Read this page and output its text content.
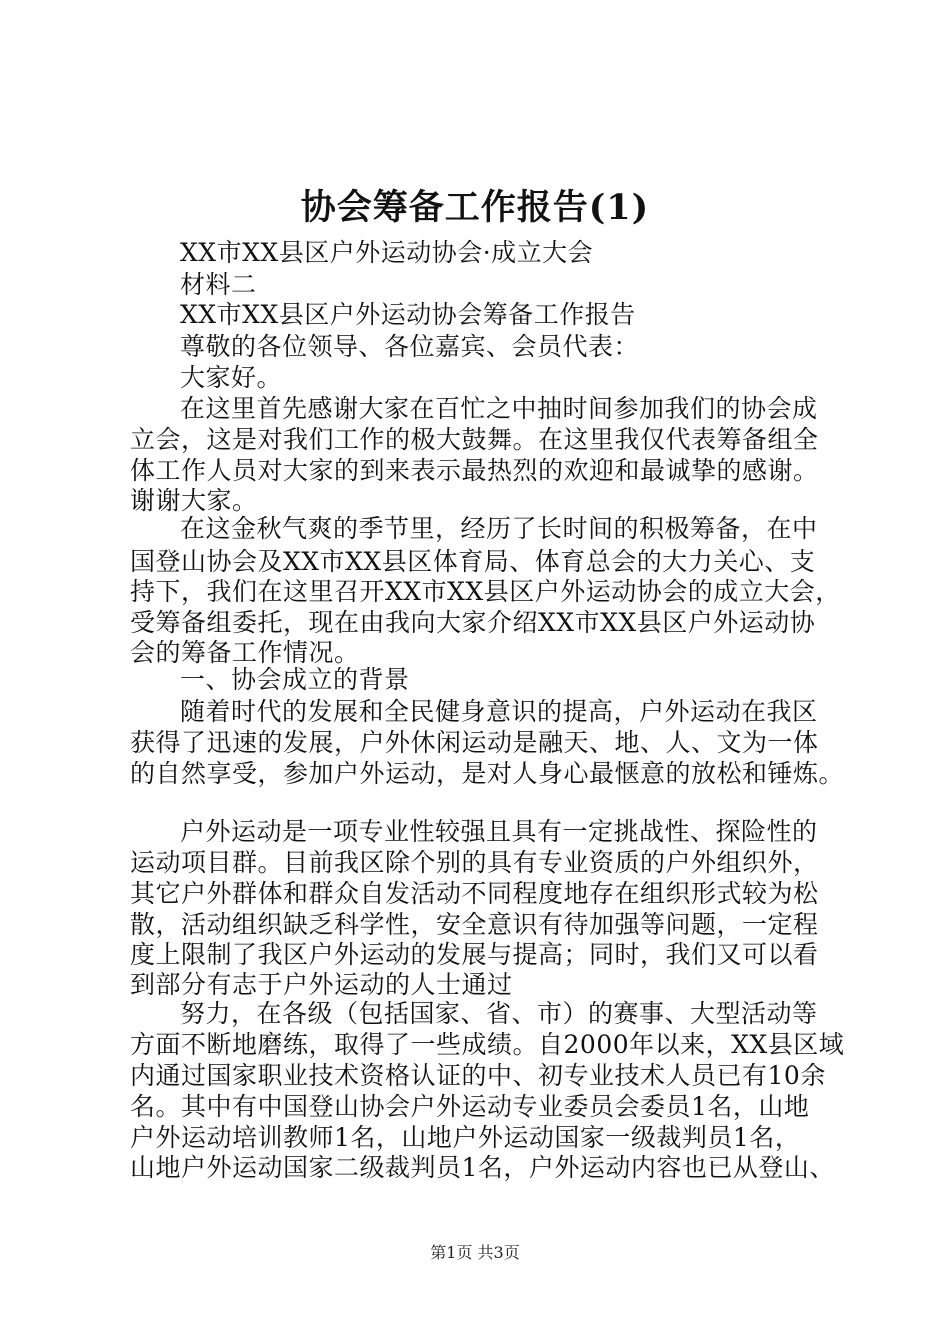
协会筹备工作报告(1)
XX市XX县区户外运动协会·成立大会
材料二
XX市XX县区户外运动协会筹备工作报告
尊敬的各位领导、各位嘉宾、会员代表：
大家好。
在这里首先感谢大家在百忙之中抽时间参加我们的协会成
立会，这是对我们工作的极大鼓舞。在这里我仅代表筹备组全
体工作人员对大家的到来表示最热烈的欢迎和最诚挚的感谢。
谢谢大家。
在这金秋气爽的季节里，经历了长时间的积极筹备，在中
国登山协会及XX市XX县区体育局、体育总会的大力关心、支
持下，我们在这里召开XX市XX县区户外运动协会的成立大会，
受筹备组委托，现在由我向大家介绍XX市XX县区户外运动协
会的筹备工作情况。
一、协会成立的背景
随着时代的发展和全民健身意识的提高，户外运动在我区
获得了迅速的发展，户外休闲运动是融天、地、人、文为一体
的自然享受，参加户外运动，是对人身心最惬意的放松和锤炼。
户外运动是一项专业性较强且具有一定挑战性、探险性的
运动项目群。目前我区除个别的具有专业资质的户外组织外，
其它户外群体和群众自发活动不同程度地存在组织形式较为松
散，活动组织缺乏科学性，安全意识有待加强等问题，一定程
度上限制了我区户外运动的发展与提高；同时，我们又可以看
到部分有志于户外运动的人士通过
努力，在各级（包括国家、省、市）的赛事、大型活动等
方面不断地磨练，取得了一些成绩。自2000年以来，XX县区域
内通过国家职业技术资格认证的中、初专业技术人员已有10余
名。其中有中国登山协会户外运动专业委员会委员1名，山地
户外运动培训教师1名，山地户外运动国家一级裁判员1名，
山地户外运动国家二级裁判员1名，户外运动内容也已从登山、
第1页 共3页
